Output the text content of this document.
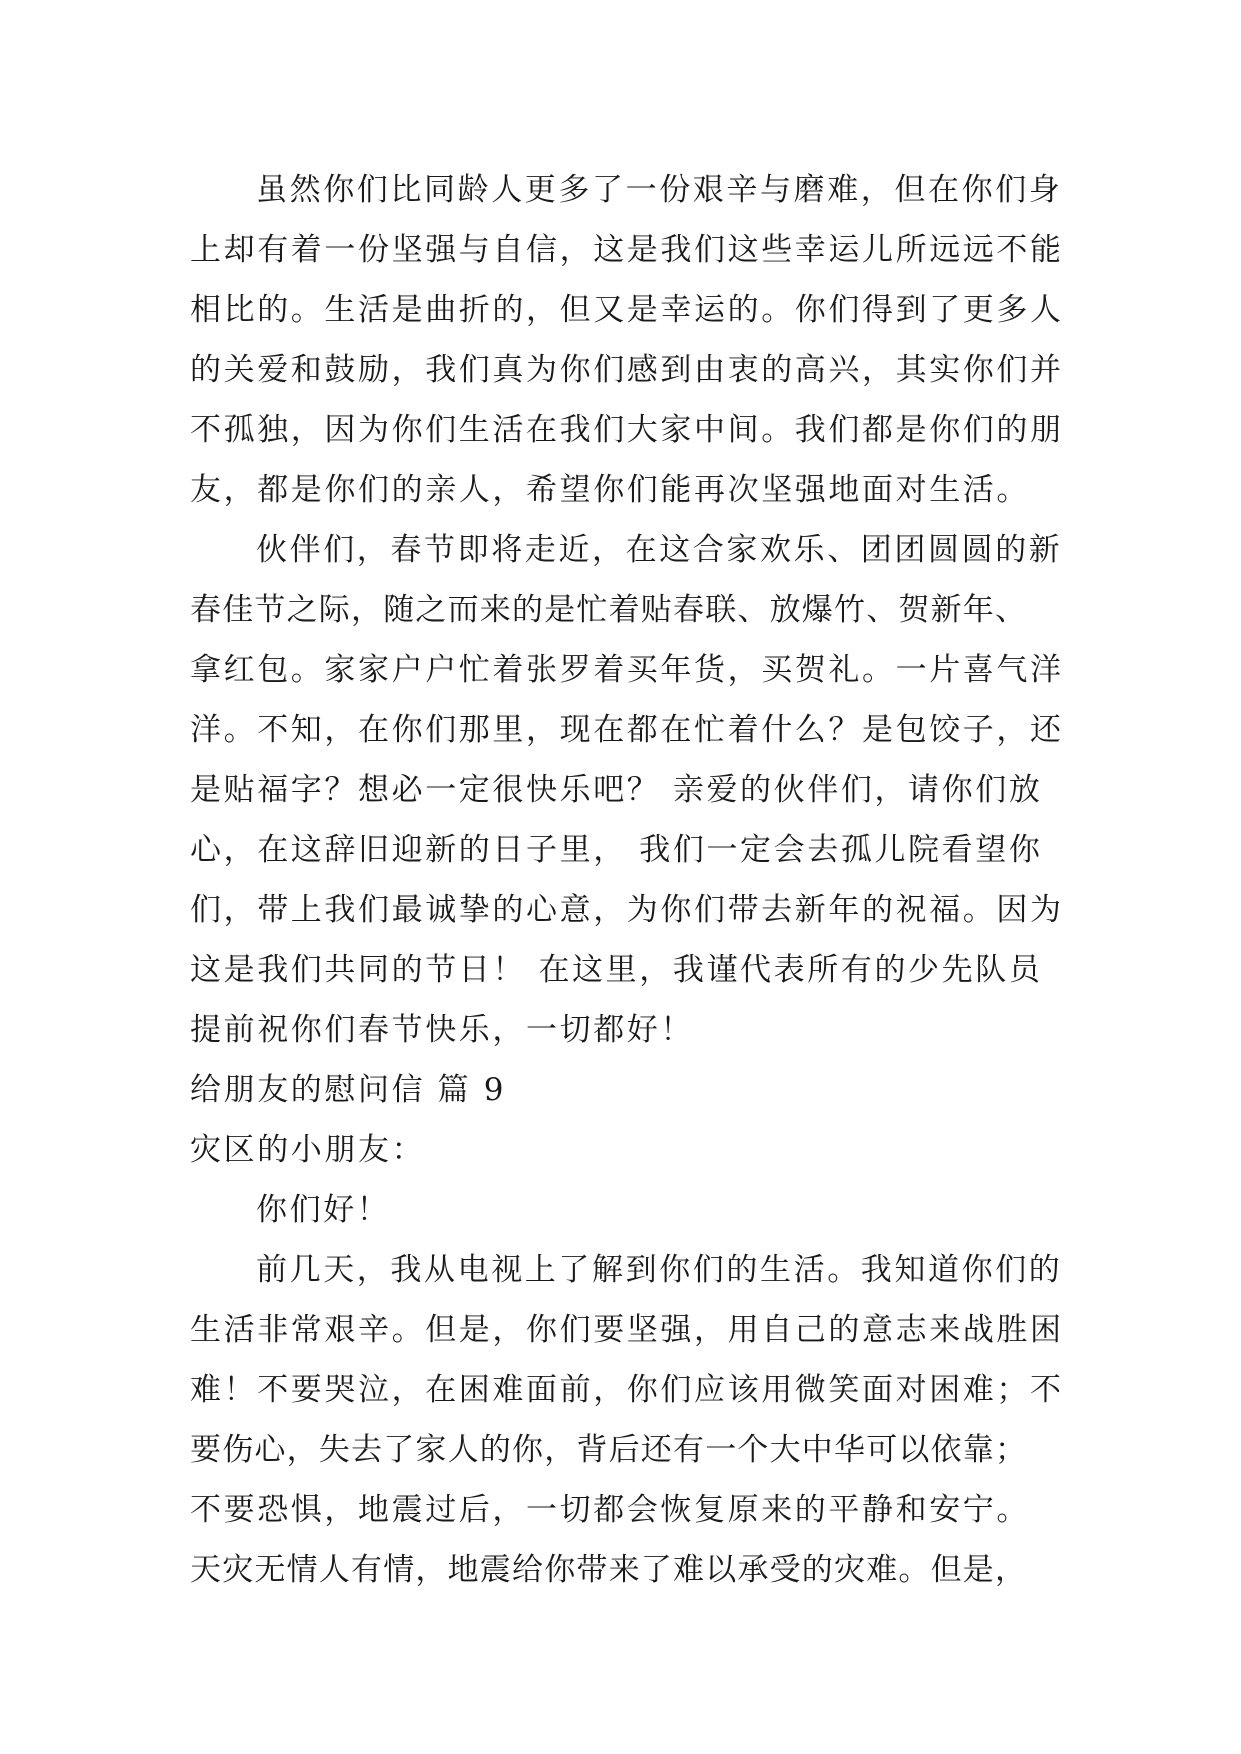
虽然你们比同龄人更多了一份艰辛与磨难，但在你们身
上却有着一份坚强与自信，这是我们这些幸运儿所远远不能
相比的。生活是曲折的，但又是幸运的。你们得到了更多人
的关爱和鼓励，我们真为你们感到由衷的高兴，其实你们并
不孤独，因为你们生活在我们大家中间。我们都是你们的朋
友，都是你们的亲人，希望你们能再次坚强地面对生活。
伙伴们，春节即将走近，在这合家欢乐、团团圆圆的新
春佳节之际，随之而来的是忙着贴春联、放爆竹、贺新年、
拿红包。家家户户忙着张罗着买年货，买贺礼。一片喜气洋
洋。不知，在你们那里，现在都在忙着什么？是包饺子，还
是贴福字？想必一定很快乐吧？ 亲爱的伙伴们，请你们放
心，在这辞旧迎新的日子里， 我们一定会去孤儿院看望你
们，带上我们最诚挚的心意，为你们带去新年的祝福。因为
这是我们共同的节日！ 在这里，我谨代表所有的少先队员
提前祝你们春节快乐，一切都好！
给朋友的慰问信 篇 9
灾区的小朋友：
你们好！
前几天，我从电视上了解到你们的生活。我知道你们的
生活非常艰辛。但是，你们要坚强，用自己的意志来战胜困
难！不要哭泣，在困难面前，你们应该用微笑面对困难；不
要伤心，失去了家人的你，背后还有一个大中华可以依靠；
不要恐惧，地震过后，一切都会恢复原来的平静和安宁。
天灾无情人有情，地震给你带来了难以承受的灾难。但是，
